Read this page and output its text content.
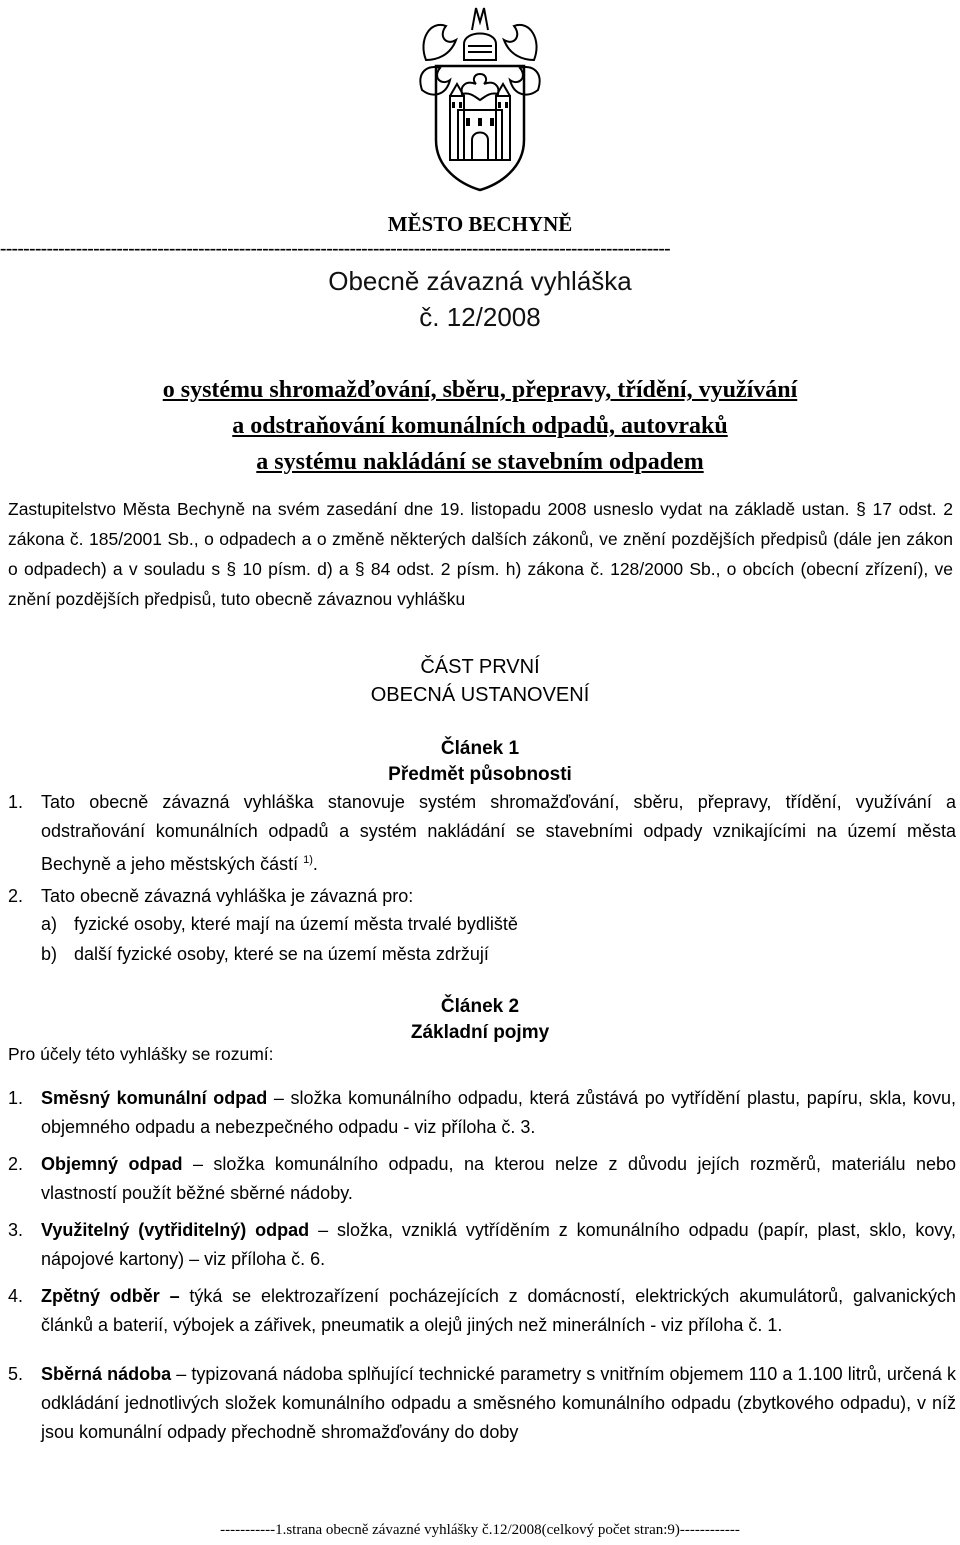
MĚSTO BECHYNĚ
-------------------------------------------------------------------------------------------------------------------
Obecně závazná vyhláška
č. 12/2008
o systému shromažďování, sběru, přepravy, třídění, využívání
a odstraňování komunálních odpadů, autovraků
a systému nakládání se stavebním odpadem
Zastupitelstvo Města Bechyně na svém zasedání dne 19. listopadu 2008 usneslo vydat na základě ustan. § 17 odst. 2 zákona č. 185/2001 Sb., o odpadech a o změně některých dalších zákonů, ve znění pozdějších předpisů (dále jen zákon o odpadech) a v souladu s § 10 písm. d) a § 84 odst. 2 písm. h) zákona č. 128/2000 Sb., o obcích (obecní zřízení), ve znění pozdějších předpisů, tuto obecně závaznou vyhlášku
ČÁST PRVNÍ
OBECNÁ USTANOVENÍ
Článek 1
Předmět působnosti
1. Tato obecně závazná vyhláška stanovuje systém shromažďování, sběru, přepravy, třídění, využívání a odstraňování komunálních odpadů a systém nakládání se stavebními odpady vznikajícími na území města Bechyně a jeho městských částí $^{1)}$.
2. Tato obecně závazná vyhláška je závazná pro:
a) fyzické osoby, které mají na území města trvalé bydliště
b) další fyzické osoby, které se na území města zdržují
Článek 2
Základní pojmy
Pro účely této vyhlášky se rozumí:
1. Směsný komunální odpad – složka komunálního odpadu, která zůstává po vytřídění plastu, papíru, skla, kovu, objemného odpadu a nebezpečného odpadu - viz příloha č. 3.
2. Objemný odpad – složka komunálního odpadu, na kterou nelze z důvodu jejích rozměrů, materiálu nebo vlastností použít běžné sběrné nádoby.
3. Využitelný (vytřiditelný) odpad – složka, vzniklá vytříděním z komunálního odpadu (papír, plast, sklo, kovy, nápojové kartony) – viz příloha č. 6.
4. Zpětný odběr – týká se elektrozařízení pocházejících z domácností, elektrických akumulátorů, galvanických článků a baterií, výbojek a zářivek, pneumatik a olejů jiných než minerálních - viz příloha č. 1.
5. Sběrná nádoba – typizovaná nádoba splňující technické parametry s vnitřním objemem 110 a 1.100 litrů, určená k odkládání jednotlivých složek komunálního odpadu a směsného komunálního odpadu (zbytkového odpadu), v níž jsou komunální odpady přechodně shromažďovány do doby
-----------1.strana obecně závazné vyhlášky č.12/2008(celkový počet stran:9)------------
